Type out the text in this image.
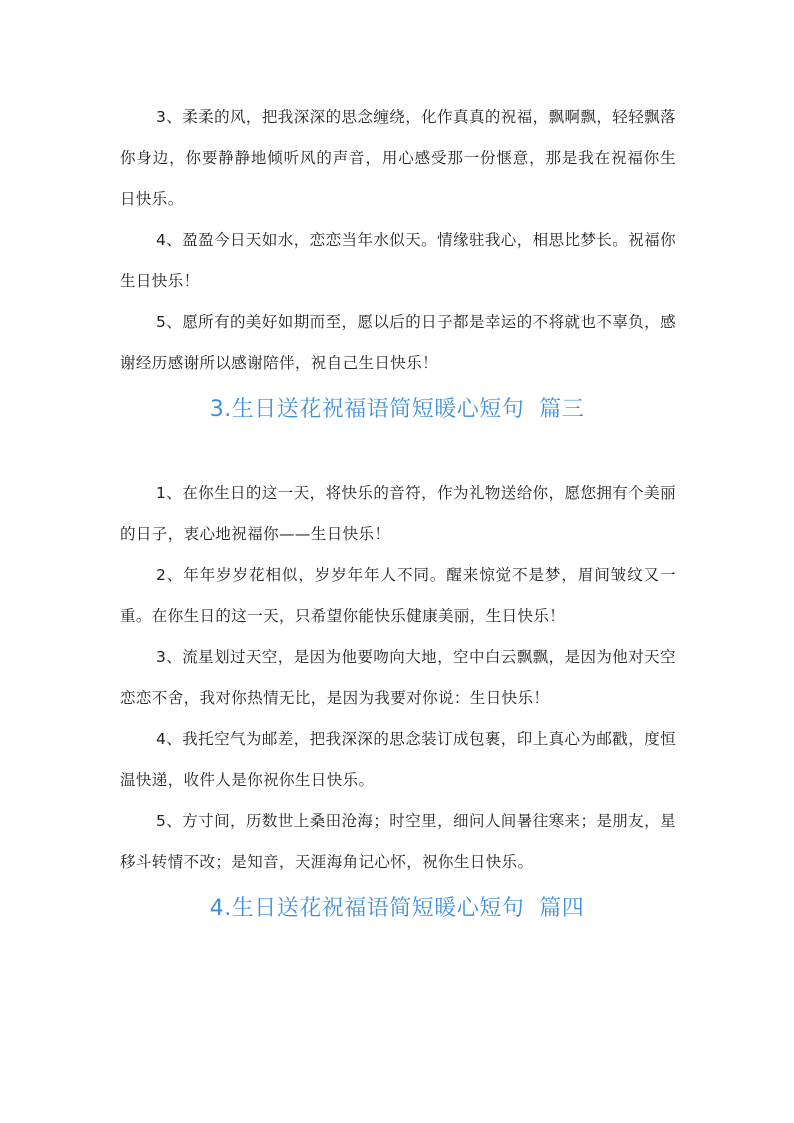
3、柔柔的风，把我深深的思念缠绕，化作真真的祝福，飘啊飘，轻轻飘落你身边，你要静静地倾听风的声音，用心感受那一份惬意，那是我在祝福你生日快乐。

4、盈盈今日天如水，恋恋当年水似天。情缘驻我心，相思比梦长。祝福你生日快乐！

5、愿所有的美好如期而至，愿以后的日子都是幸运的不将就也不辜负，感谢经历感谢所以感谢陪伴，祝自己生日快乐！

3.生日送花祝福语简短暖心短句  篇三

1、在你生日的这一天，将快乐的音符，作为礼物送给你，愿您拥有个美丽的日子，衷心地祝福你——生日快乐！

2、年年岁岁花相似，岁岁年年人不同。醒来惊觉不是梦，眉间皱纹又一重。在你生日的这一天，只希望你能快乐健康美丽，生日快乐！

3、流星划过天空，是因为他要吻向大地，空中白云飘飘，是因为他对天空恋恋不舍，我对你热情无比，是因为我要对你说：生日快乐！

4、我托空气为邮差，把我深深的思念装订成包裹，印上真心为邮戳，度恒温快递，收件人是你祝你生日快乐。

5、方寸间，历数世上桑田沧海；时空里，细问人间暑往寒来；是朋友，星移斗转情不改；是知音，天涯海角记心怀，祝你生日快乐。

4.生日送花祝福语简短暖心短句  篇四
